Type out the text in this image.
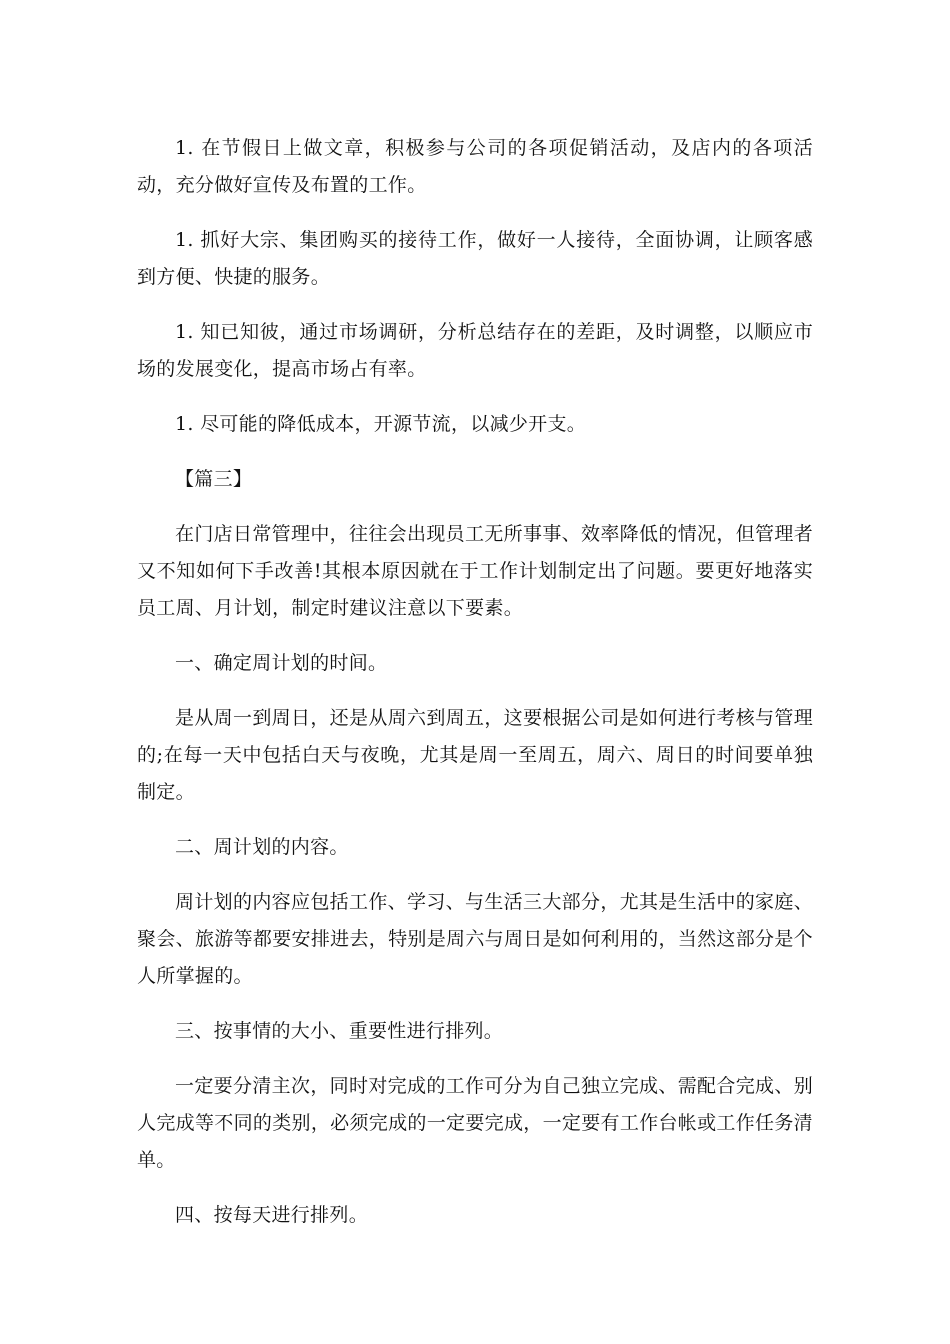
1. 在节假日上做文章，积极参与公司的各项促销活动，及店内的各项活动，充分做好宣传及布置的工作。

1. 抓好大宗、集团购买的接待工作，做好一人接待，全面协调，让顾客感到方便、快捷的服务。

1. 知已知彼，通过市场调研，分析总结存在的差距，及时调整，以顺应市场的发展变化，提高市场占有率。

1. 尽可能的降低成本，开源节流，以减少开支。

【篇三】

在门店日常管理中，往往会出现员工无所事事、效率降低的情况，但管理者又不知如何下手改善!其根本原因就在于工作计划制定出了问题。要更好地落实员工周、月计划，制定时建议注意以下要素。

一、确定周计划的时间。

是从周一到周日，还是从周六到周五，这要根据公司是如何进行考核与管理的;在每一天中包括白天与夜晚，尤其是周一至周五，周六、周日的时间要单独制定。

二、周计划的内容。

周计划的内容应包括工作、学习、与生活三大部分，尤其是生活中的家庭、聚会、旅游等都要安排进去，特别是周六与周日是如何利用的，当然这部分是个人所掌握的。

三、按事情的大小、重要性进行排列。

一定要分清主次，同时对完成的工作可分为自己独立完成、需配合完成、别人完成等不同的类别，必须完成的一定要完成，一定要有工作台帐或工作任务清单。

四、按每天进行排列。
